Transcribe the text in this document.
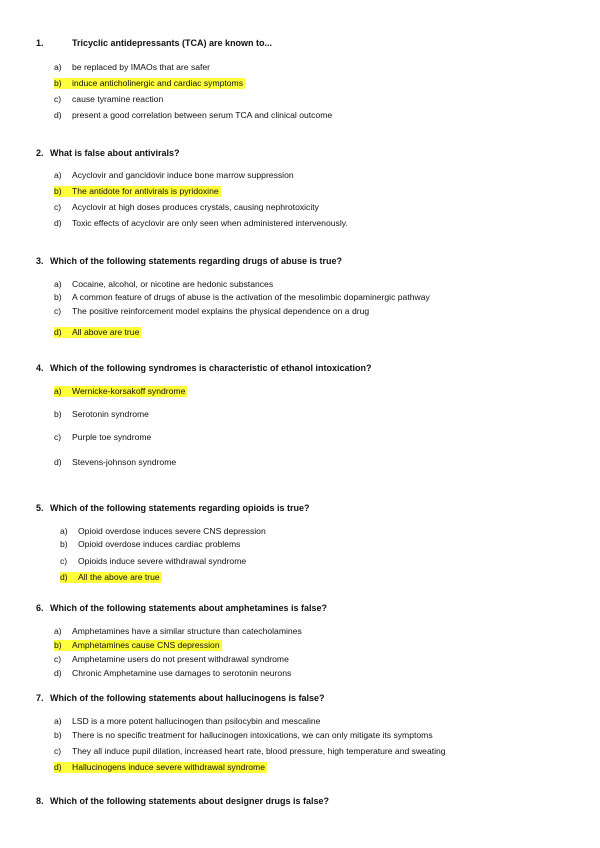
1.	Tricyclic antidepressants (TCA) are known to...
a) be replaced by IMAOs that are safer
b) induce anticholinergic and cardiac symptoms
c) cause tyramine reaction
d) present a good correlation between serum TCA and clinical outcome
2. What is false about antivirals?
a) Acyclovir and gancidovir induce bone marrow suppression
b) The antidote for antivirals is pyridoxine
c) Acyclovir at high doses produces crystals, causing nephrotoxicity
d) Toxic effects of acyclovir are only seen when administered intervenously.
3. Which of the following statements regarding drugs of abuse is true?
a) Cocaine, alcohol, or nicotine are hedonic substances
b) A common feature of drugs of abuse is the activation of the mesolimbic dopaminergic pathway
c) The positive reinforcement model explains the physical dependence on a drug
d) All above are true
4. Which of the following syndromes is characteristic of ethanol intoxication?
a) Wernicke-korsakoff syndrome
b) Serotonin syndrome
c) Purple toe syndrome
d) Stevens-johnson syndrome
5. Which of the following statements regarding opioids is true?
a) Opioid overdose induces severe CNS depression
b) Opioid overdose induces cardiac problems
c) Opioids induce severe withdrawal syndrome
d) All the above are true
6. Which of the following statements about amphetamines is false?
a) Amphetamines have a similar structure than catecholamines
b) Amphetamines cause CNS depression
c) Amphetamine users do not present withdrawal syndrome
d) Chronic Amphetamine use damages to serotonin neurons
7. Which of the following statements about hallucinogens is false?
a) LSD is a more potent hallucinogen than psilocybin and mescaline
b) There is no specific treatment for hallucinogen intoxications, we can only mitigate its symptoms
c) They all induce pupil dilation, increased heart rate, blood pressure, high temperature and sweating
d) Hallucinogens induce severe withdrawal syndrome
8. Which of the following statements about designer drugs is false?
